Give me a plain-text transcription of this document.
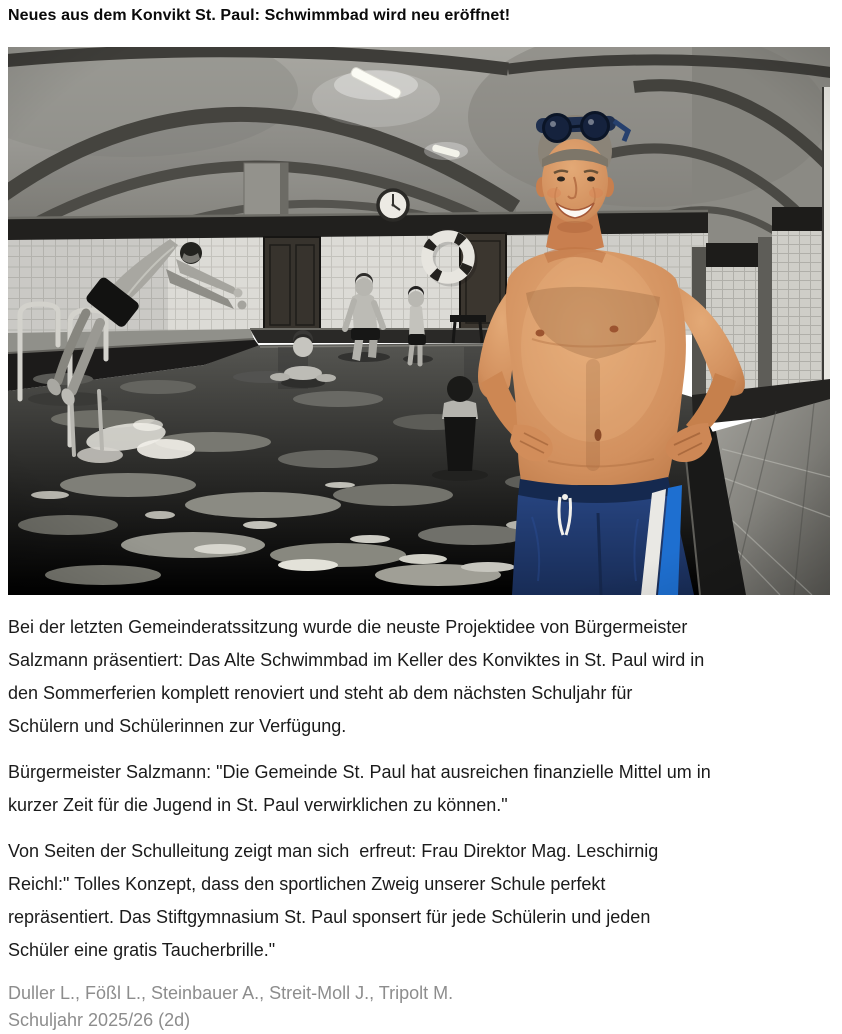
Neues aus dem Konvikt St. Paul: Schwimmbad wird neu eröffnet!

Bei der letzten Gemeinderatssitzung wurde die neuste Projektidee von Bürgermeister
Salzmann präsentiert: Das Alte Schwimmbad im Keller des Konviktes in St. Paul wird in
den Sommerferien komplett renoviert und steht ab dem nächsten Schuljahr für
Schülern und Schülerinnen zur Verfügung.

Bürgermeister Salzmann: "Die Gemeinde St. Paul hat ausreichen finanzielle Mittel um in
kurzer Zeit für die Jugend in St. Paul verwirklichen zu können."

Von Seiten der Schulleitung zeigt man sich  erfreut: Frau Direktor Mag. Leschirnig
Reichl:" Tolles Konzept, dass den sportlichen Zweig unserer Schule perfekt
repräsentiert. Das Stiftgymnasium St. Paul sponsert für jede Schülerin und jeden
Schüler eine gratis Taucherbrille."

Duller L., Fößl L., Steinbauer A., Streit-Moll J., Tripolt M.
Schuljahr 2025/26 (2d)
